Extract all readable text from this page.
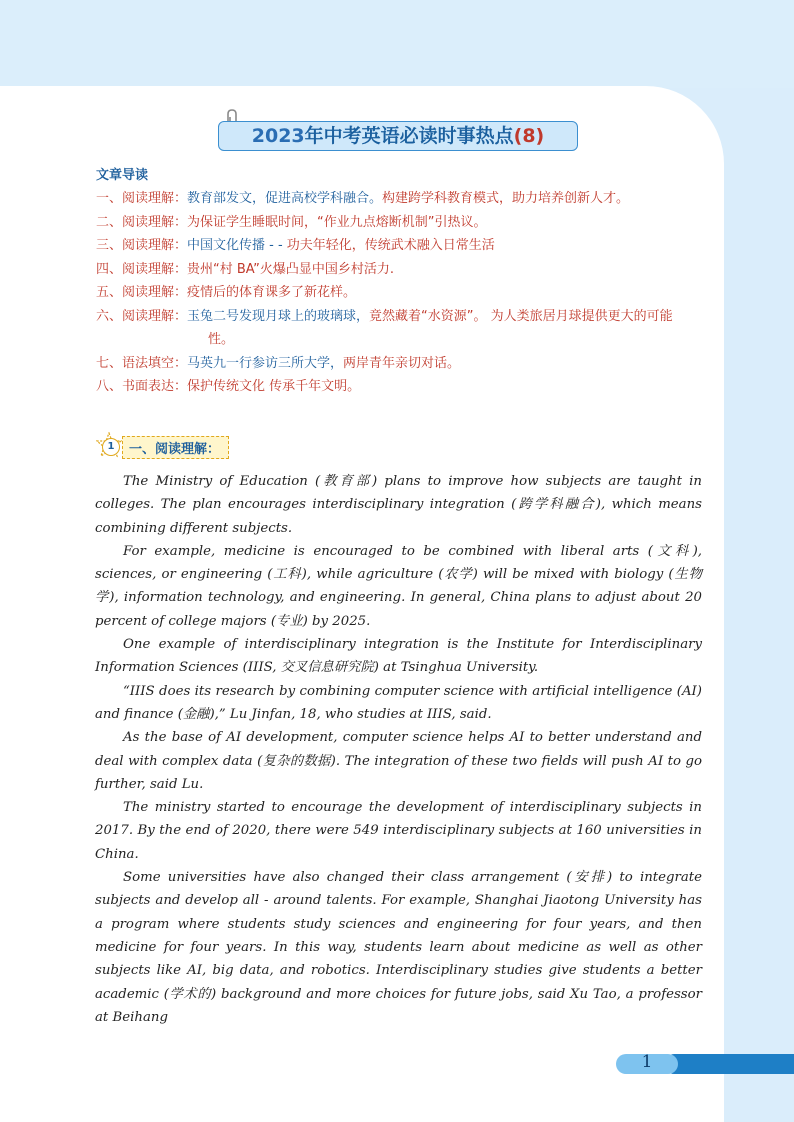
2023年中考英语必读时事热点(8)
文章导读
一、阅读理解：教育部发文，促进高校学科融合。构建跨学科教育模式，助力培养创新人才。
二、阅读理解：为保证学生睡眠时间，“作业九点熔断机制”引热议。
三、阅读理解：中国文化传播 - - 功夫年轻化，传统武术融入日常生活
四、阅读理解：贵州“村 BA”火爆凸显中国乡村活力.
五、阅读理解：疫情后的体育课多了新花样。
六、阅读理解：玉兔二号发现月球上的玻璃球，竟然藏着“水资源”。 为人类旅居月球提供更大的可能
性。
七、语法填空：马英九一行参访三所大学，两岸青年亲切对话。
八、书面表达：保护传统文化 传承千年文明。
1	一、阅读理解：

The Ministry of Education (教育部) plans to improve how subjects are taught in colleges. The plan encourages interdisciplinary integration (跨学科融合), which means combining different subjects.

For example, medicine is encouraged to be combined with liberal arts (文科), sciences, or engineering (工科), while agriculture (农学) will be mixed with biology (生物学), information technology, and engineering. In general, China plans to adjust about 20 percent of college majors (专业) by 2025.

One example of interdisciplinary integration is the Institute for Interdisciplinary Information Sciences (IIIS, 交叉信息研究院) at Tsinghua University.

“IIIS does its research by combining computer science with artificial intelligence (AI) and finance (金融),” Lu Jinfan, 18, who studies at IIIS, said.

As the base of AI development, computer science helps AI to better understand and deal with complex data (复杂的数据). The integration of these two fields will push AI to go further, said Lu.

The ministry started to encourage the development of interdisciplinary subjects in 2017. By the end of 2020, there were 549 interdisciplinary subjects at 160 universities in China.

Some universities have also changed their class arrangement (安排) to integrate subjects and develop all - around talents. For example, Shanghai Jiaotong University has a program where students study sciences and engineering for four years, and then medicine for four years. In this way, students learn about medicine as well as other subjects like AI, big data, and robotics. Interdisciplinary studies give students a better academic (学术的) background and more choices for future jobs, said Xu Tao, a professor at Beihang

1
